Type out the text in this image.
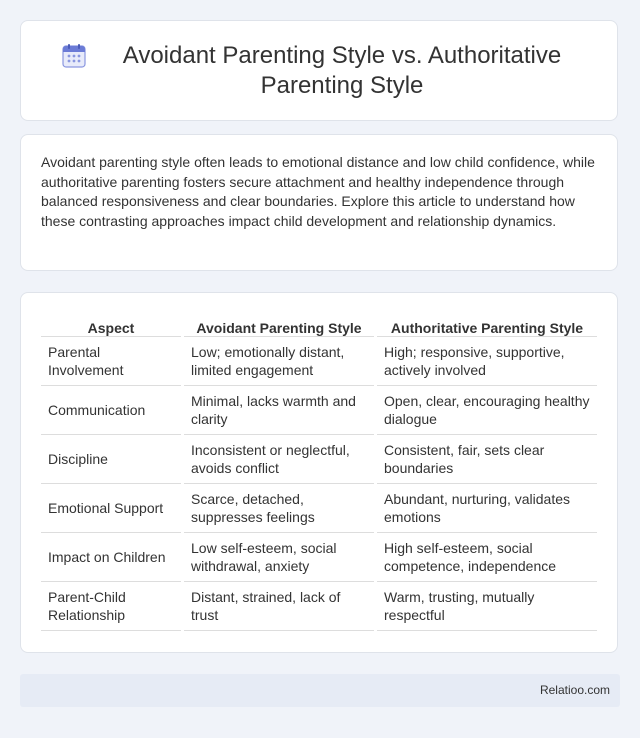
Avoidant Parenting Style vs. Authoritative Parenting Style

Avoidant parenting style often leads to emotional distance and low child confidence, while authoritative parenting fosters secure attachment and healthy independence through balanced responsiveness and clear boundaries. Explore this article to understand how these contrasting approaches impact child development and relationship dynamics.

Aspect	Avoidant Parenting Style	Authoritative Parenting Style
Parental Involvement	Low; emotionally distant, limited engagement	High; responsive, supportive, actively involved
Communication	Minimal, lacks warmth and clarity	Open, clear, encouraging healthy dialogue
Discipline	Inconsistent or neglectful, avoids conflict	Consistent, fair, sets clear boundaries
Emotional Support	Scarce, detached, suppresses feelings	Abundant, nurturing, validates emotions
Impact on Children	Low self-esteem, social withdrawal, anxiety	High self-esteem, social competence, independence
Parent-Child Relationship	Distant, strained, lack of trust	Warm, trusting, mutually respectful
Relatioo.com
